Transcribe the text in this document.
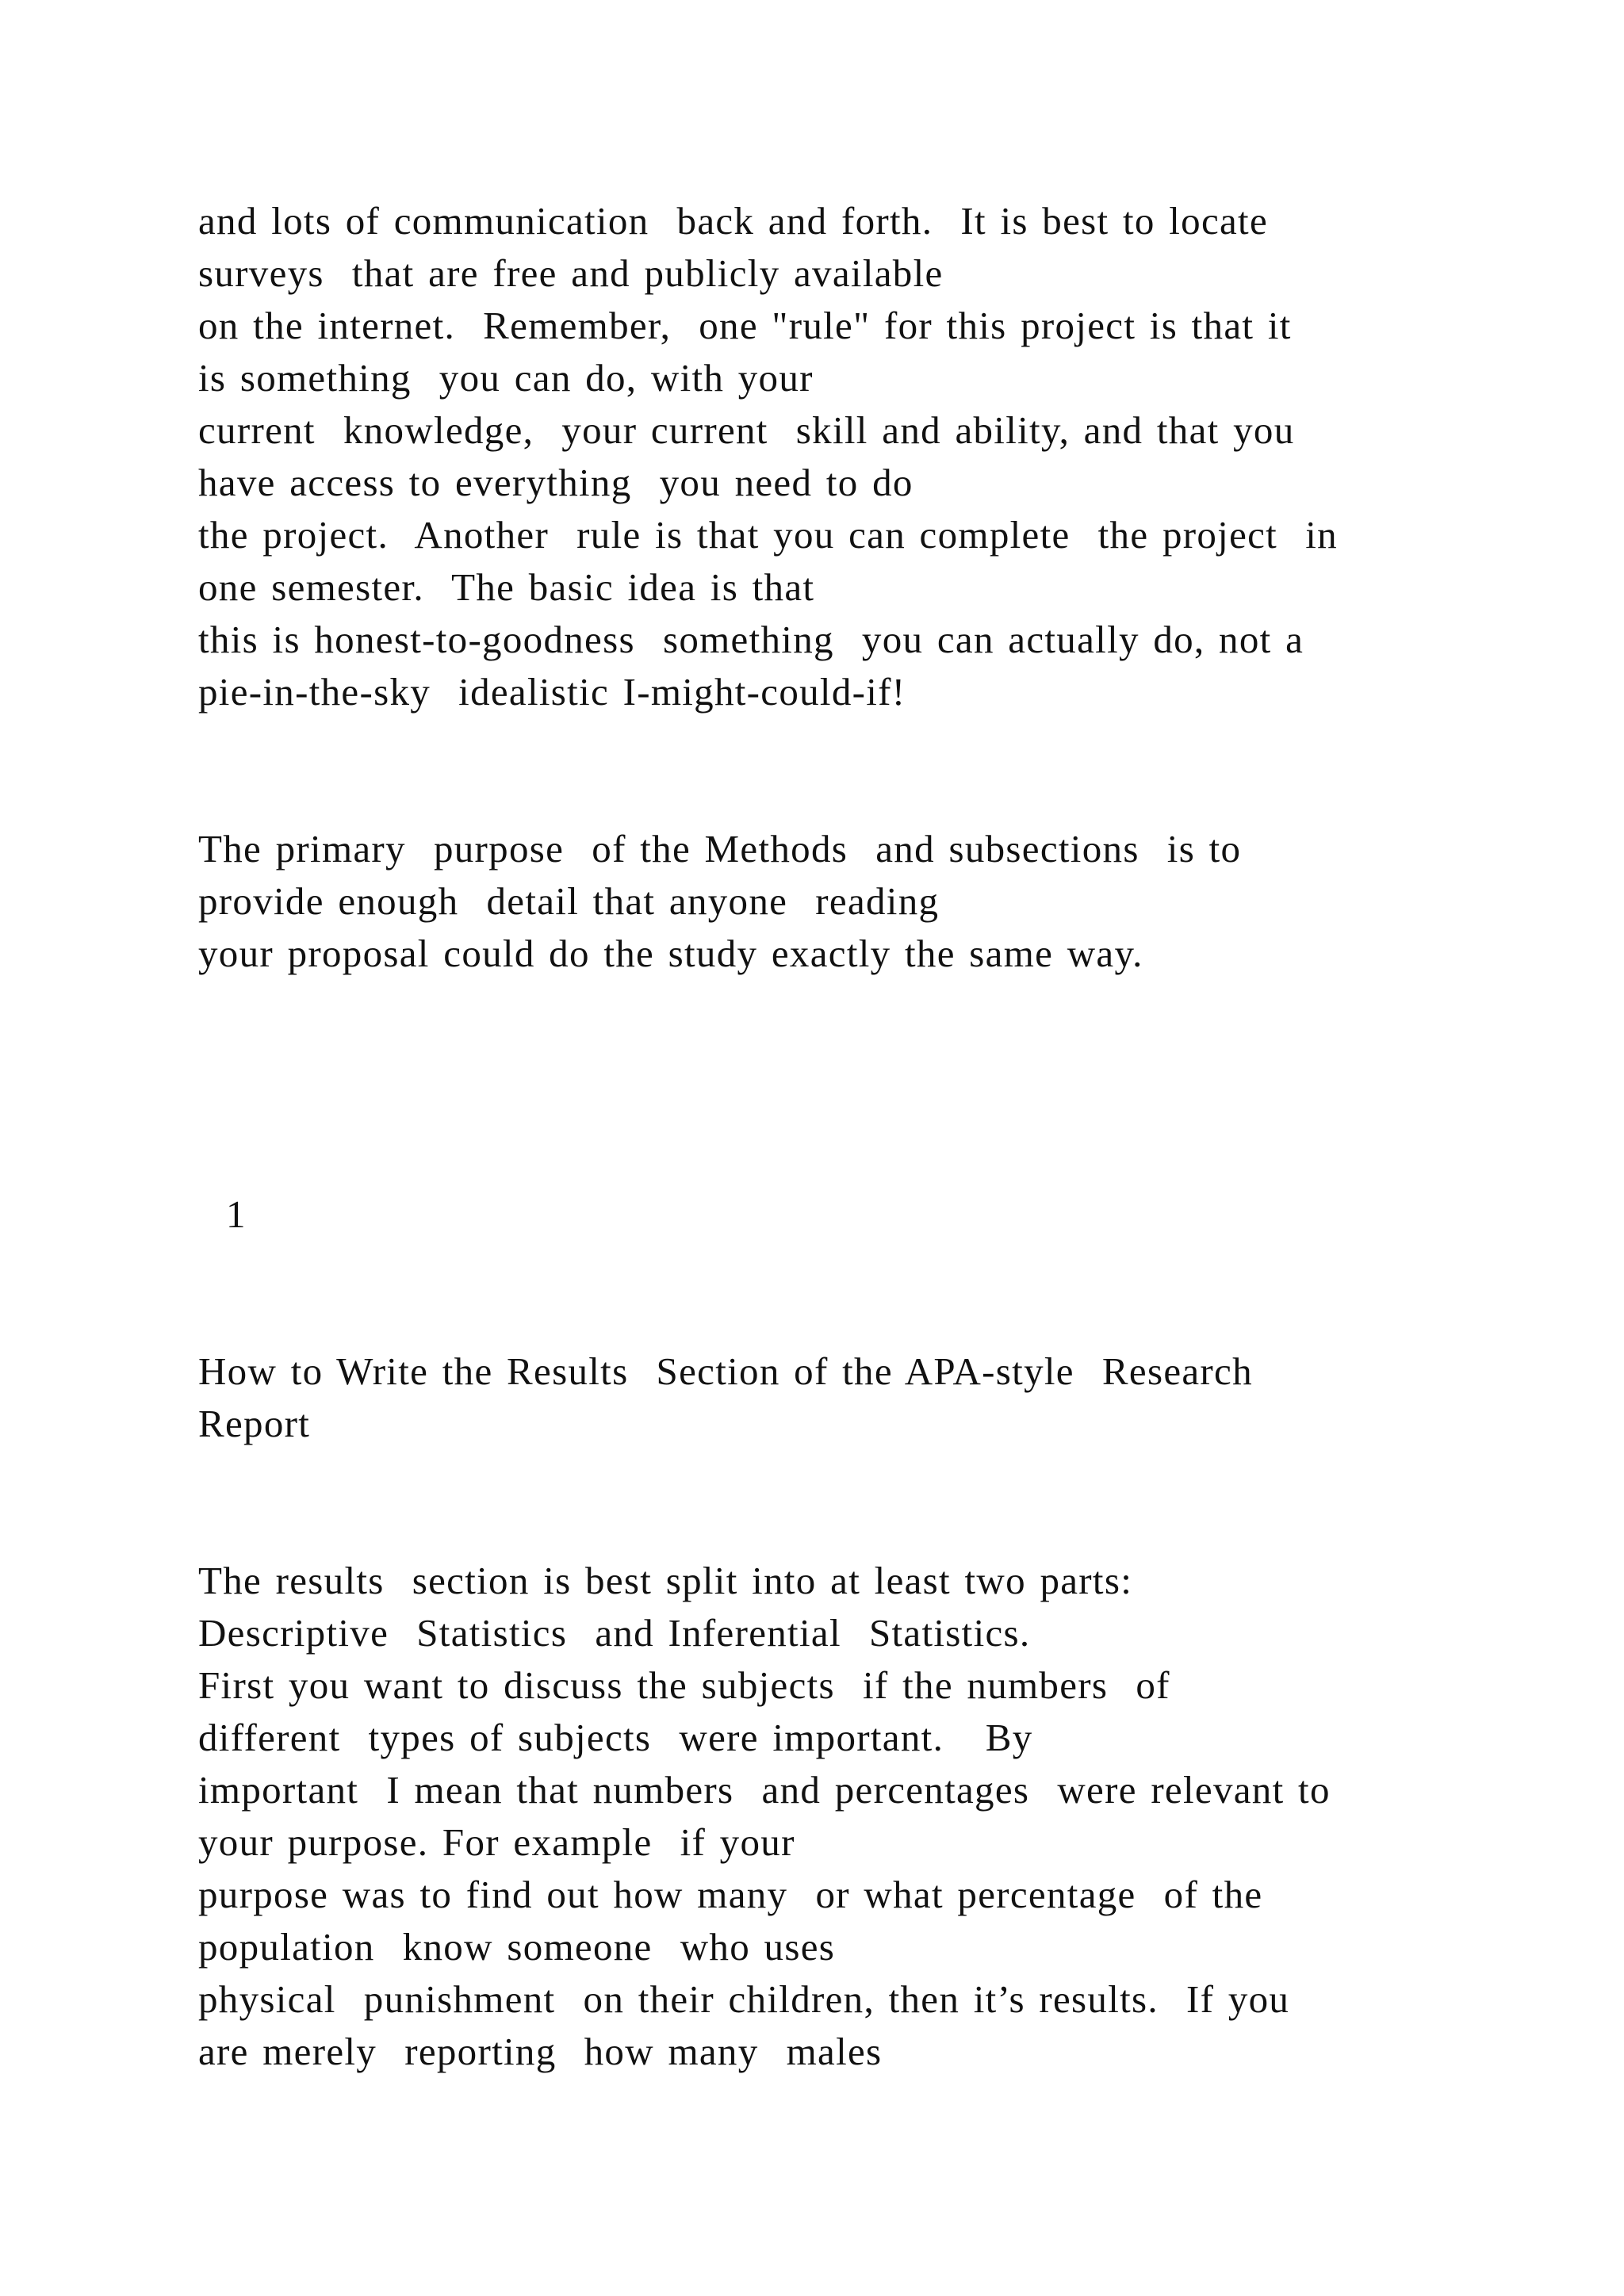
and lots of communication  back and forth.  It is best to locate
surveys  that are free and publicly available
on the internet.  Remember,  one "rule" for this project is that it
is something  you can do, with your
current  knowledge,  your current  skill and ability, and that you
have access to everything  you need to do
the project.  Another  rule is that you can complete  the project  in
one semester.  The basic idea is that
this is honest-to-goodness  something  you can actually do, not a
pie-in-the-sky  idealistic I-might-could-if!
The primary  purpose  of the Methods  and subsections  is to
provide enough  detail that anyone  reading
your proposal could do the study exactly the same way.
1
How to Write the Results  Section of the APA-style  Research
Report
The results  section is best split into at least two parts:
Descriptive  Statistics  and Inferential  Statistics.
First you want to discuss the subjects  if the numbers  of
different  types of subjects  were important.   By
important  I mean that numbers  and percentages  were relevant to
your purpose. For example  if your
purpose was to find out how many  or what percentage  of the
population  know someone  who uses
physical  punishment  on their children, then it’s results.  If you
are merely  reporting  how many  males
